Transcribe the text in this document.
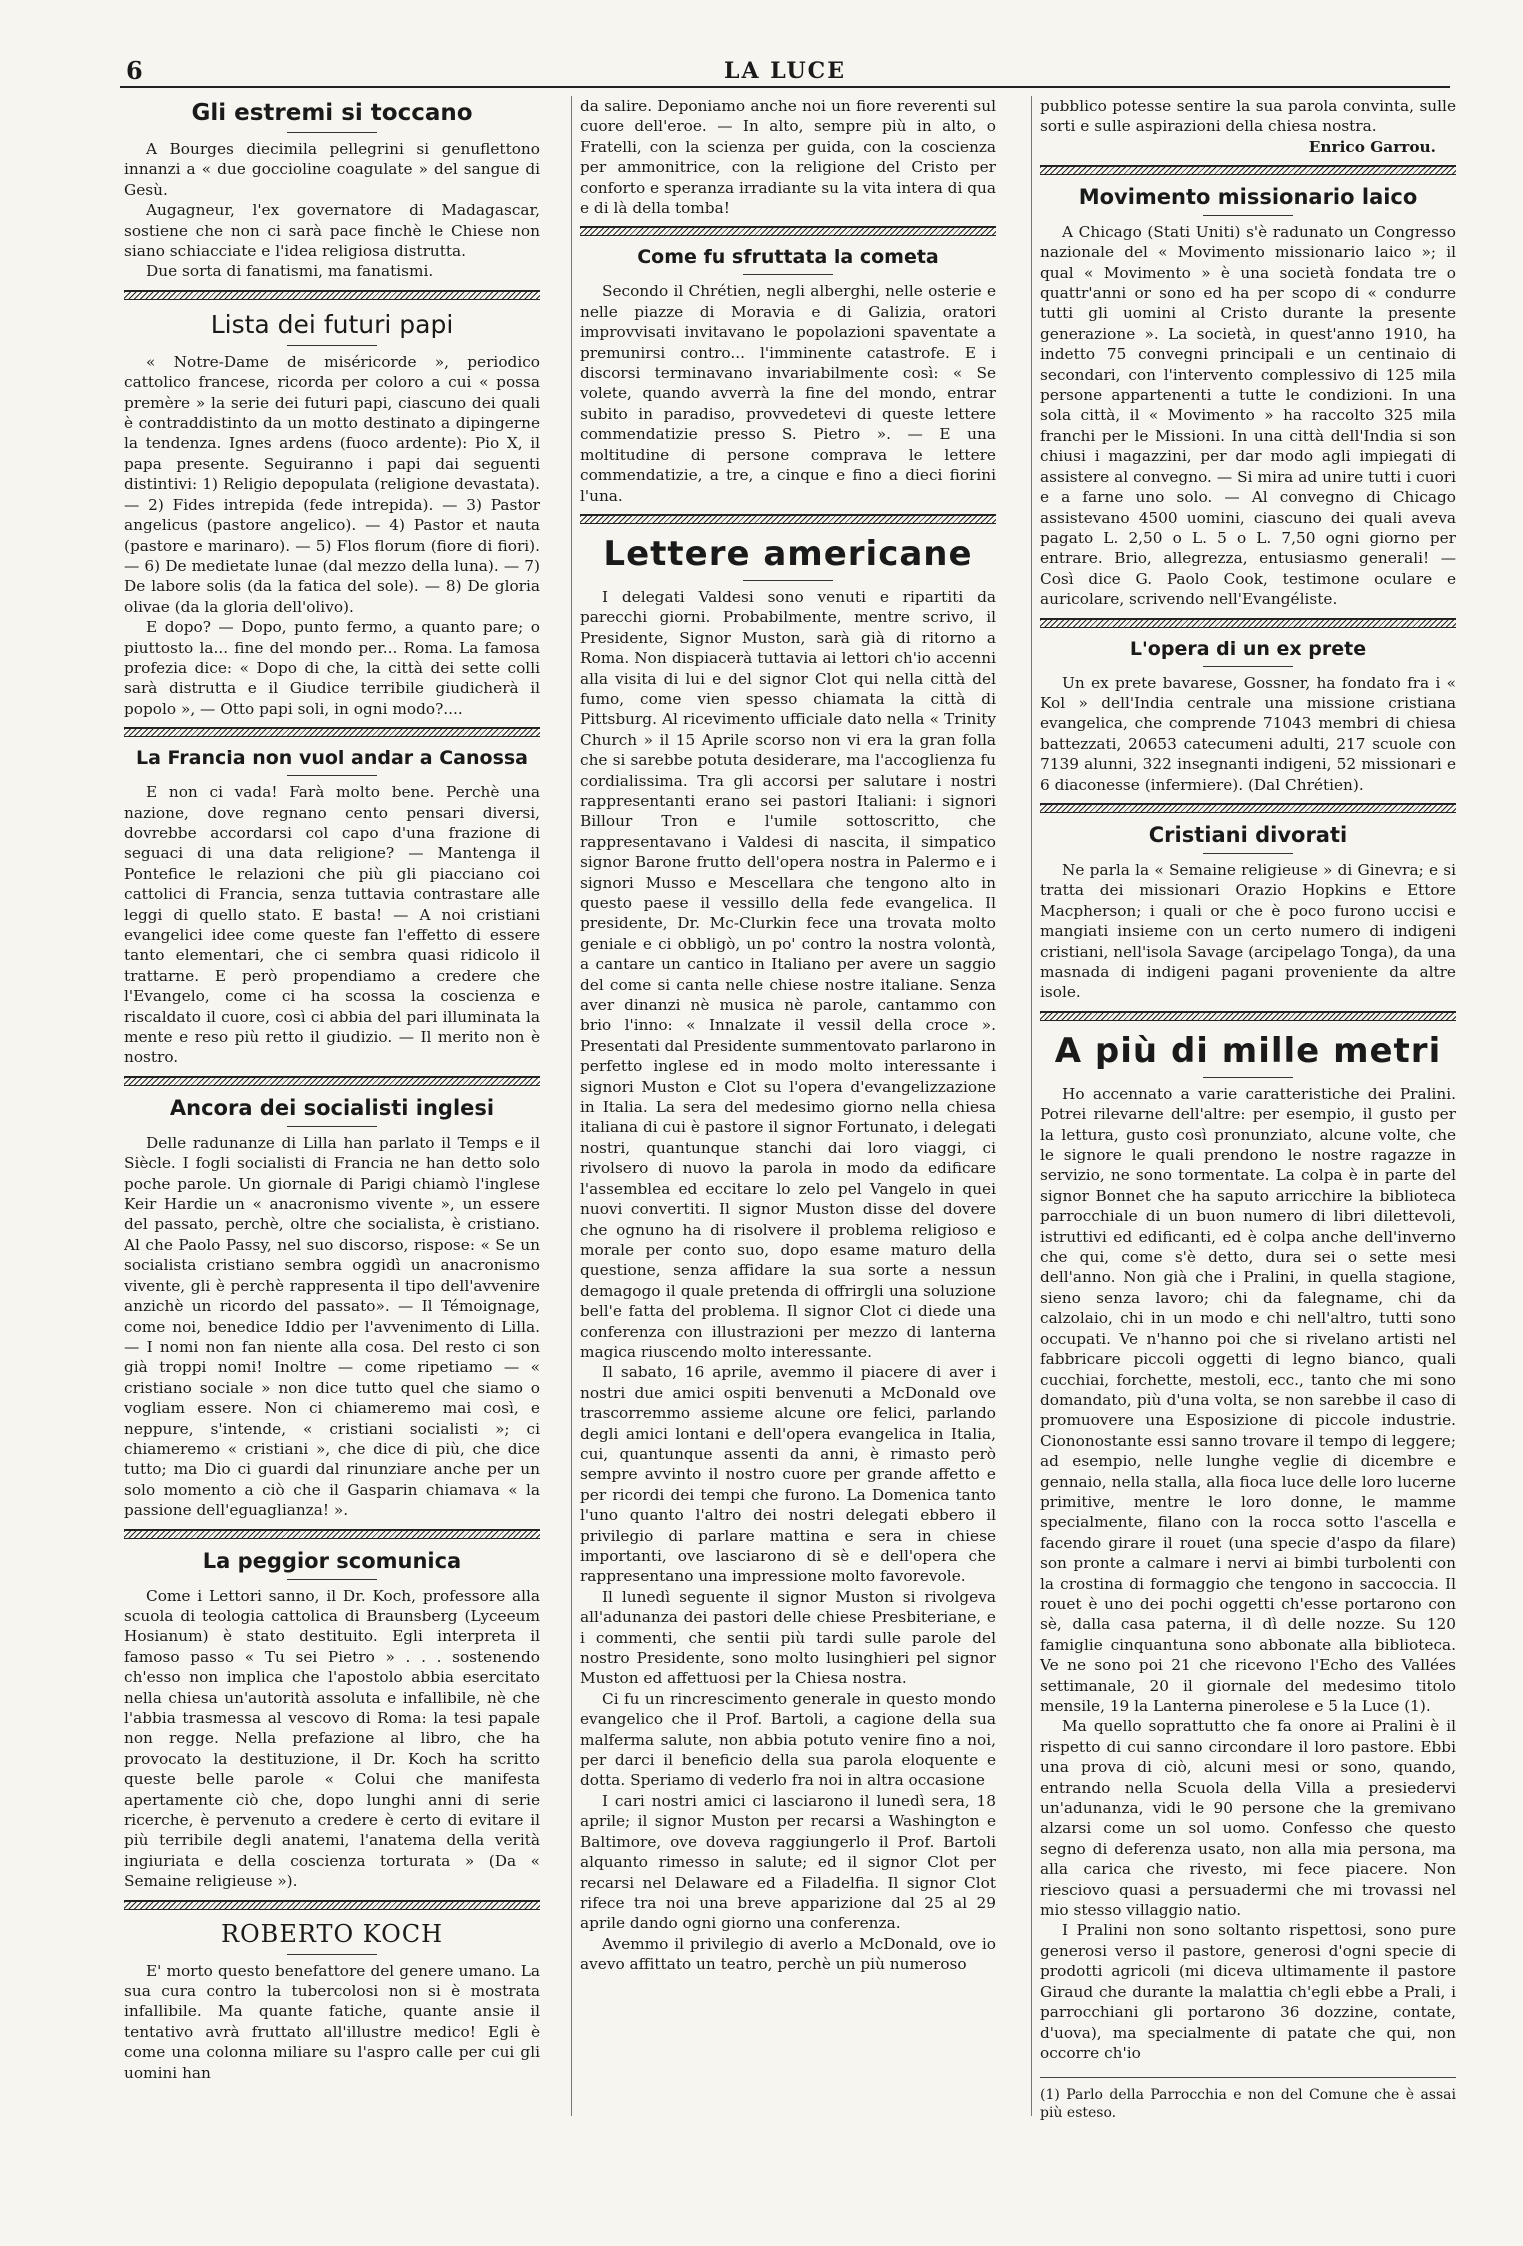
6	LA LUCE
Gli estremi si toccano

A Bourges diecimila pellegrini si genuflettono innanzi a « due goccioline coagulate » del sangue di Gesù.

Augagneur, l'ex governatore di Madagascar, sostiene che non ci sarà pace finchè le Chiese non siano schiacciate e l'idea religiosa distrutta.

Due sorta di fanatismi, ma fanatismi.

Lista dei futuri papi

« Notre-Dame de miséricorde », periodico cattolico francese, ricorda per coloro a cui « possa premère » la serie dei futuri papi, ciascuno dei quali è contraddistinto da un motto destinato a dipingerne la tendenza. Ignes ardens (fuoco ardente): Pio X, il papa presente. Seguiranno i papi dai seguenti distintivi: 1) Religio depopulata (religione devastata). — 2) Fides intrepida (fede intrepida). — 3) Pastor angelicus (pastore angelico). — 4) Pastor et nauta (pastore e marinaro). — 5) Flos florum (fiore di fiori). — 6) De medietate lunae (dal mezzo della luna). — 7) De labore solis (da la fatica del sole). — 8) De gloria olivae (da la gloria dell'olivo).

E dopo? — Dopo, punto fermo, a quanto pare; o piuttosto la... fine del mondo per... Roma. La famosa profezia dice: « Dopo di che, la città dei sette colli sarà distrutta e il Giudice terribile giudicherà il popolo », — Otto papi soli, in ogni modo?....

La Francia non vuol andar a Canossa

E non ci vada! Farà molto bene. Perchè una nazione, dove regnano cento pensari diversi, dovrebbe accordarsi col capo d'una frazione di seguaci di una data religione? — Mantenga il Pontefice le relazioni che più gli piacciano coi cattolici di Francia, senza tuttavia contrastare alle leggi di quello stato. E basta! — A noi cristiani evangelici idee come queste fan l'effetto di essere tanto elementari, che ci sembra quasi ridicolo il trattarne. E però propendiamo a credere che l'Evangelo, come ci ha scossa la coscienza e riscaldato il cuore, così ci abbia del pari illuminata la mente e reso più retto il giudizio. — Il merito non è nostro.

Ancora dei socialisti inglesi

Delle radunanze di Lilla han parlato il Temps e il Siècle. I fogli socialisti di Francia ne han detto solo poche parole. Un giornale di Parigi chiamò l'inglese Keir Hardie un « anacronismo vivente », un essere del passato, perchè, oltre che socialista, è cristiano. Al che Paolo Passy, nel suo discorso, rispose: « Se un socialista cristiano sembra oggidì un anacronismo vivente, gli è perchè rappresenta il tipo dell'avvenire anzichè un ricordo del passato». — Il Témoignage, come noi, benedice Iddio per l'avvenimento di Lilla. — I nomi non fan niente alla cosa. Del resto ci son già troppi nomi! Inoltre — come ripetiamo — « cristiano sociale » non dice tutto quel che siamo o vogliam essere. Non ci chiameremo mai così, e neppure, s'intende, « cristiani socialisti »; ci chiameremo « cristiani », che dice di più, che dice tutto; ma Dio ci guardi dal rinunziare anche per un solo momento a ciò che il Gasparin chiamava « la passione dell'eguaglianza! ».

La peggior scomunica

Come i Lettori sanno, il Dr. Koch, professore alla scuola di teologia cattolica di Braunsberg (Lyceeum Hosianum) è stato destituito. Egli interpreta il famoso passo « Tu sei Pietro » . . . sostenendo ch'esso non implica che l'apostolo abbia esercitato nella chiesa un'autorità assoluta e infallibile, nè che l'abbia trasmessa al vescovo di Roma: la tesi papale non regge. Nella prefazione al libro, che ha provocato la destituzione, il Dr. Koch ha scritto queste belle parole « Colui che manifesta apertamente ciò che, dopo lunghi anni di serie ricerche, è pervenuto a credere è certo di evitare il più terribile degli anatemi, l'anatema della verità ingiuriata e della coscienza torturata » (Da « Semaine religieuse »).

ROBERTO KOCH

E' morto questo benefattore del genere umano. La sua cura contro la tubercolosi non si è mostrata infallibile. Ma quante fatiche, quante ansie il tentativo avrà fruttato all'illustre medico! Egli è come una colonna miliare su l'aspro calle per cui gli uomini han

da salire. Deponiamo anche noi un fiore reverenti sul cuore dell'eroe. — In alto, sempre più in alto, o Fratelli, con la scienza per guida, con la coscienza per ammonitrice, con la religione del Cristo per conforto e speranza irradiante su la vita intera di qua e di là della tomba!

Come fu sfruttata la cometa

Secondo il Chrétien, negli alberghi, nelle osterie e nelle piazze di Moravia e di Galizia, oratori improvvisati invitavano le popolazioni spaventate a premunirsi contro... l'imminente catastrofe. E i discorsi terminavano invariabilmente così: « Se volete, quando avverrà la fine del mondo, entrar subito in paradiso, provvedetevi di queste lettere commendatizie presso S. Pietro ». — E una moltitudine di persone comprava le lettere commendatizie, a tre, a cinque e fino a dieci fiorini l'una.

Lettere americane

I delegati Valdesi sono venuti e ripartiti da parecchi giorni. Probabilmente, mentre scrivo, il Presidente, Signor Muston, sarà già di ritorno a Roma. Non dispiacerà tuttavia ai lettori ch'io accenni alla visita di lui e del signor Clot qui nella città del fumo, come vien spesso chiamata la città di Pittsburg. Al ricevimento ufficiale dato nella « Trinity Church » il 15 Aprile scorso non vi era la gran folla che si sarebbe potuta desiderare, ma l'accoglienza fu cordialissima. Tra gli accorsi per salutare i nostri rappresentanti erano sei pastori Italiani: i signori Billour Tron e l'umile sottoscritto, che rappresentavano i Valdesi di nascita, il simpatico signor Barone frutto dell'opera nostra in Palermo e i signori Musso e Mescellara che tengono alto in questo paese il vessillo della fede evangelica. Il presidente, Dr. Mc-Clurkin fece una trovata molto geniale e ci obbligò, un po' contro la nostra volontà, a cantare un cantico in Italiano per avere un saggio del come si canta nelle chiese nostre italiane. Senza aver dinanzi nè musica nè parole, cantammo con brio l'inno: « Innalzate il vessil della croce ». Presentati dal Presidente summentovato parlarono in perfetto inglese ed in modo molto interessante i signori Muston e Clot su l'opera d'evangelizzazione in Italia. La sera del medesimo giorno nella chiesa italiana di cui è pastore il signor Fortunato, i delegati nostri, quantunque stanchi dai loro viaggi, ci rivolsero di nuovo la parola in modo da edificare l'assemblea ed eccitare lo zelo pel Vangelo in quei nuovi convertiti. Il signor Muston disse del dovere che ognuno ha di risolvere il problema religioso e morale per conto suo, dopo esame maturo della questione, senza affidare la sua sorte a nessun demagogo il quale pretenda di offrirgli una soluzione bell'e fatta del problema. Il signor Clot ci diede una conferenza con illustrazioni per mezzo di lanterna magica riuscendo molto interessante.

Il sabato, 16 aprile, avemmo il piacere di aver i nostri due amici ospiti benvenuti a McDonald ove trascorremmo assieme alcune ore felici, parlando degli amici lontani e dell'opera evangelica in Italia, cui, quantunque assenti da anni, è rimasto però sempre avvinto il nostro cuore per grande affetto e per ricordi dei tempi che furono. La Domenica tanto l'uno quanto l'altro dei nostri delegati ebbero il privilegio di parlare mattina e sera in chiese importanti, ove lasciarono di sè e dell'opera che rappresentano una impressione molto favorevole.

Il lunedì seguente il signor Muston si rivolgeva all'adunanza dei pastori delle chiese Presbiteriane, e i commenti, che sentii più tardi sulle parole del nostro Presidente, sono molto lusinghieri pel signor Muston ed affettuosi per la Chiesa nostra.

Ci fu un rincrescimento generale in questo mondo evangelico che il Prof. Bartoli, a cagione della sua malferma salute, non abbia potuto venire fino a noi, per darci il beneficio della sua parola eloquente e dotta. Speriamo di vederlo fra noi in altra occasione

I cari nostri amici ci lasciarono il lunedì sera, 18 aprile; il signor Muston per recarsi a Washington e Baltimore, ove doveva raggiungerlo il Prof. Bartoli alquanto rimesso in salute; ed il signor Clot per recarsi nel Delaware ed a Filadelfia. Il signor Clot rifece tra noi una breve apparizione dal 25 al 29 aprile dando ogni giorno una conferenza.

Avemmo il privilegio di averlo a McDonald, ove io avevo affittato un teatro, perchè un più numeroso

pubblico potesse sentire la sua parola convinta, sulle sorti e sulle aspirazioni della chiesa nostra.

Enrico Garrou.
Movimento missionario laico

A Chicago (Stati Uniti) s'è radunato un Congresso nazionale del « Movimento missionario laico »; il qual « Movimento » è una società fondata tre o quattr'anni or sono ed ha per scopo di « condurre tutti gli uomini al Cristo durante la presente generazione ». La società, in quest'anno 1910, ha indetto 75 convegni principali e un centinaio di secondari, con l'intervento complessivo di 125 mila persone appartenenti a tutte le condizioni. In una sola città, il « Movimento » ha raccolto 325 mila franchi per le Missioni. In una città dell'India si son chiusi i magazzini, per dar modo agli impiegati di assistere al convegno. — Si mira ad unire tutti i cuori e a farne uno solo. — Al convegno di Chicago assistevano 4500 uomini, ciascuno dei quali aveva pagato L. 2,50 o L. 5 o L. 7,50 ogni giorno per entrare. Brio, allegrezza, entusiasmo generali! — Così dice G. Paolo Cook, testimone oculare e auricolare, scrivendo nell'Evangéliste.

L'opera di un ex prete

Un ex prete bavarese, Gossner, ha fondato fra i « Kol » dell'India centrale una missione cristiana evangelica, che comprende 71043 membri di chiesa battezzati, 20653 catecumeni adulti, 217 scuole con 7139 alunni, 322 insegnanti indigeni, 52 missionari e 6 diaconesse (infermiere). (Dal Chrétien).

Cristiani divorati

Ne parla la « Semaine religieuse » di Ginevra; e si tratta dei missionari Orazio Hopkins e Ettore Macpherson; i quali or che è poco furono uccisi e mangiati insieme con un certo numero di indigeni cristiani, nell'isola Savage (arcipelago Tonga), da una masnada di indigeni pagani proveniente da altre isole.

A più di mille metri

Ho accennato a varie caratteristiche dei Pralini. Potrei rilevarne dell'altre: per esempio, il gusto per la lettura, gusto così pronunziato, alcune volte, che le signore le quali prendono le nostre ragazze in servizio, ne sono tormentate. La colpa è in parte del signor Bonnet che ha saputo arricchire la biblioteca parrocchiale di un buon numero di libri dilettevoli, istruttivi ed edificanti, ed è colpa anche dell'inverno che qui, come s'è detto, dura sei o sette mesi dell'anno. Non già che i Pralini, in quella stagione, sieno senza lavoro; chi da falegname, chi da calzolaio, chi in un modo e chi nell'altro, tutti sono occupati. Ve n'hanno poi che si rivelano artisti nel fabbricare piccoli oggetti di legno bianco, quali cucchiai, forchette, mestoli, ecc., tanto che mi sono domandato, più d'una volta, se non sarebbe il caso di promuovere una Esposizione di piccole industrie. Ciononostante essi sanno trovare il tempo di leggere; ad esempio, nelle lunghe veglie di dicembre e gennaio, nella stalla, alla fioca luce delle loro lucerne primitive, mentre le loro donne, le mamme specialmente, filano con la rocca sotto l'ascella e facendo girare il rouet (una specie d'aspo da filare) son pronte a calmare i nervi ai bimbi turbolenti con la crostina di formaggio che tengono in saccoccia. Il rouet è uno dei pochi oggetti ch'esse portarono con sè, dalla casa paterna, il dì delle nozze. Su 120 famiglie cinquantuna sono abbonate alla biblioteca. Ve ne sono poi 21 che ricevono l'Echo des Vallées settimanale, 20 il giornale del medesimo titolo mensile, 19 la Lanterna pinerolese e 5 la Luce (1).

Ma quello soprattutto che fa onore ai Pralini è il rispetto di cui sanno circondare il loro pastore. Ebbi una prova di ciò, alcuni mesi or sono, quando, entrando nella Scuola della Villa a presiedervi un'adunanza, vidi le 90 persone che la gremivano alzarsi come un sol uomo. Confesso che questo segno di deferenza usato, non alla mia persona, ma alla carica che rivesto, mi fece piacere. Non riesciovo quasi a persuadermi che mi trovassi nel mio stesso villaggio natio.

I Pralini non sono soltanto rispettosi, sono pure generosi verso il pastore, generosi d'ogni specie di prodotti agricoli (mi diceva ultimamente il pastore Giraud che durante la malattia ch'egli ebbe a Prali, i parrocchiani gli portarono 36 dozzine, contate, d'uova), ma specialmente di patate che qui, non occorre ch'io

(1) Parlo della Parrocchia e non del Comune che è assai più esteso.
